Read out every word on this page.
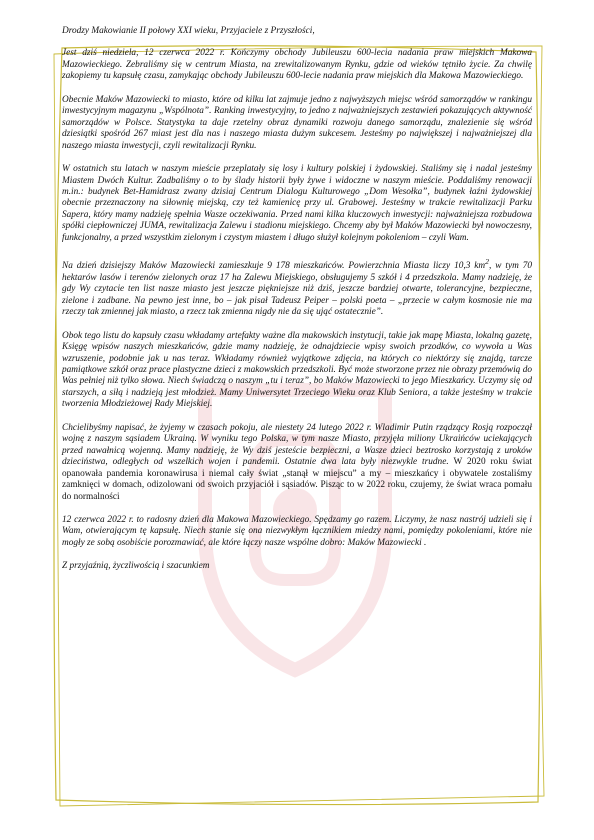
Drodzy Makowianie II połowy XXI wieku, Przyjaciele z Przyszłości,

Jest dziś niedziela, 12 czerwca 2022 r. Kończymy obchody Jubileuszu 600-lecia nadania praw miejskich Makowa Mazowieckiego. Zebraliśmy się w centrum Miasta, na zrewitalizowanym Rynku, gdzie od wieków tętniło życie. Za chwilę zakopiemy tu kapsułę czasu, zamykając obchody Jubileuszu 600-lecie nadania praw miejskich dla Makowa Mazowieckiego.

Obecnie Maków Mazowiecki to miasto, które od kilku lat zajmuje jedno z najwyższych miejsc wśród samorządów w rankingu inwestycyjnym magazynu „Wspólnota”. Ranking inwestycyjny, to jedno z najważniejszych zestawień pokazujących aktywność samorządów w Polsce. Statystyka ta daje rzetelny obraz dynamiki rozwoju danego samorządu, znalezienie się wśród dziesiątki spośród 267 miast jest dla nas i naszego miasta dużym sukcesem. Jesteśmy po największej i najważniejszej dla naszego miasta inwestycji, czyli rewitalizacji Rynku.

W ostatnich stu latach w naszym mieście przeplatały się losy i kultury polskiej i żydowskiej. Staliśmy się i nadal jesteśmy Miastem Dwóch Kultur. Zadbaliśmy o to by ślady historii były żywe i widoczne w naszym mieście. Poddaliśmy renowacji m.in.: budynek Bet-Hamidrasz zwany dzisiaj Centrum Dialogu Kulturowego „Dom Wesołka”, budynek łaźni żydowskiej obecnie przeznaczony na siłownię miejską, czy też kamienicę przy ul. Grabowej. Jesteśmy w trakcie rewitalizacji Parku Sapera, który mamy nadzieję spełnia Wasze oczekiwania. Przed nami kilka kluczowych inwestycji: najważniejsza rozbudowa spółki ciepłowniczej JUMA, rewitalizacja Zalewu i stadionu miejskiego. Chcemy aby był Maków Mazowiecki był nowoczesny, funkcjonalny, a przed wszystkim zielonym i czystym miastem i długo służył kolejnym pokoleniom – czyli Wam.

Na dzień dzisiejszy Maków Mazowiecki zamieszkuje 9 178 mieszkańców. Powierzchnia Miasta liczy 10,3 $km^2$, w tym 70 hektarów lasów i terenów zielonych oraz 17 ha Zalewu Miejskiego, obsługujemy 5 szkół i 4 przedszkola. Mamy nadzieję, że gdy Wy czytacie ten list nasze miasto jest jeszcze piękniejsze niż dziś, jeszcze bardziej otwarte, tolerancyjne, bezpieczne, zielone i zadbane. Na pewno jest inne, bo – jak pisał Tadeusz Peiper – polski poeta – „przecie w całym kosmosie nie ma rzeczy tak zmiennej jak miasto, a rzecz tak zmienna nigdy nie da się ująć ostatecznie”.

Obok tego listu do kapsuły czasu wkładamy artefakty ważne dla makowskich instytucji, takie jak mapę Miasta, lokalną gazetę, Księgę wpisów naszych mieszkańców, gdzie mamy nadzieję, że odnajdziecie wpisy swoich przodków, co wywoła u Was wzruszenie, podobnie jak u nas teraz. Wkładamy również wyjątkowe zdjęcia, na których co niektórzy się znajdą, tarcze pamiątkowe szkół oraz prace plastyczne dzieci z makowskich przedszkoli. Być może stworzone przez nie obrazy przemówią do Was pełniej niż tylko słowa. Niech świadczą o naszym „tu i teraz”, bo Maków Mazowiecki to jego Mieszkańcy. Uczymy się od starszych, a siłą i nadzieją jest młodzież. Mamy Uniwersytet Trzeciego Wieku oraz Klub Seniora, a także jesteśmy w trakcie tworzenia Młodzieżowej Rady Miejskiej.

Chcielibyśmy napisać, że żyjemy w czasach pokoju, ale niestety 24 lutego 2022 r. Wladimir Putin rządzący Rosją rozpoczął wojnę z naszym sąsiadem Ukrainą. W wyniku tego Polska, w tym nasze Miasto, przyjęła miliony Ukraińców uciekających przed nawałnicą wojenną. Mamy nadzieję, że Wy dziś jesteście bezpieczni, a Wasze dzieci beztrosko korzystają z uroków dzieciństwa, odległych od wszelkich wojen i pandemii. Ostatnie dwa lata były niezwykle trudne. W 2020 roku świat opanowała pandemia koronawirusa i niemal cały świat „stanął w miejscu” a my – mieszkańcy i obywatele zostaliśmy zamknięci w domach, odizolowani od swoich przyjaciół i sąsiadów. Pisząc to w 2022 roku, czujemy, że świat wraca pomału do normalności

12 czerwca 2022 r. to radosny dzień dla Makowa Mazowieckiego. Spędzamy go razem. Liczymy, że nasz nastrój udzieli się i Wam, otwierającym tę kapsułę. Niech stanie się ona niezwykłym łącznikiem miedzy nami, pomiędzy pokoleniami, które nie mogły ze sobą osobiście porozmawiać, ale które łączy nasze wspólne dobro: Maków Mazowiecki .

Z przyjaźnią, życzliwością i szacunkiem
